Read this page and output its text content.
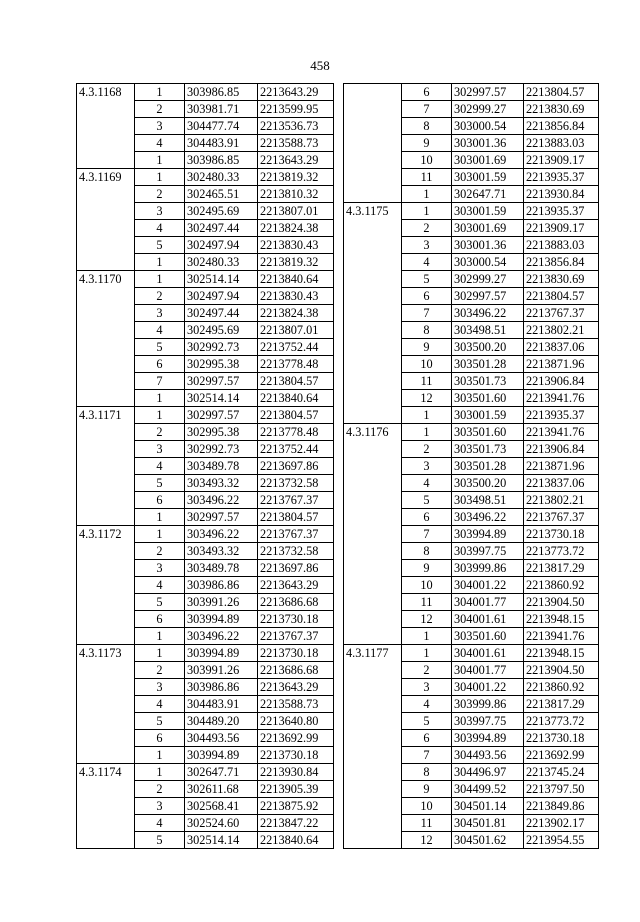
458
4.3.1168	1	303986.85	2213643.29
	2	303981.71	2213599.95
	3	304477.74	2213536.73
	4	304483.91	2213588.73
	1	303986.85	2213643.29
4.3.1169	1	302480.33	2213819.32
	2	302465.51	2213810.32
	3	302495.69	2213807.01
	4	302497.44	2213824.38
	5	302497.94	2213830.43
	1	302480.33	2213819.32
4.3.1170	1	302514.14	2213840.64
	2	302497.94	2213830.43
	3	302497.44	2213824.38
	4	302495.69	2213807.01
	5	302992.73	2213752.44
	6	302995.38	2213778.48
	7	302997.57	2213804.57
	1	302514.14	2213840.64
4.3.1171	1	302997.57	2213804.57
	2	302995.38	2213778.48
	3	302992.73	2213752.44
	4	303489.78	2213697.86
	5	303493.32	2213732.58
	6	303496.22	2213767.37
	1	302997.57	2213804.57
4.3.1172	1	303496.22	2213767.37
	2	303493.32	2213732.58
	3	303489.78	2213697.86
	4	303986.86	2213643.29
	5	303991.26	2213686.68
	6	303994.89	2213730.18
	1	303496.22	2213767.37
4.3.1173	1	303994.89	2213730.18
	2	303991.26	2213686.68
	3	303986.86	2213643.29
	4	304483.91	2213588.73
	5	304489.20	2213640.80
	6	304493.56	2213692.99
	1	303994.89	2213730.18
4.3.1174	1	302647.71	2213930.84
	2	302611.68	2213905.39
	3	302568.41	2213875.92
	4	302524.60	2213847.22
	5	302514.14	2213840.64
	6	302997.57	2213804.57
	7	302999.27	2213830.69
	8	303000.54	2213856.84
	9	303001.36	2213883.03
	10	303001.69	2213909.17
	11	303001.59	2213935.37
	1	302647.71	2213930.84
4.3.1175	1	303001.59	2213935.37
	2	303001.69	2213909.17
	3	303001.36	2213883.03
	4	303000.54	2213856.84
	5	302999.27	2213830.69
	6	302997.57	2213804.57
	7	303496.22	2213767.37
	8	303498.51	2213802.21
	9	303500.20	2213837.06
	10	303501.28	2213871.96
	11	303501.73	2213906.84
	12	303501.60	2213941.76
	1	303001.59	2213935.37
4.3.1176	1	303501.60	2213941.76
	2	303501.73	2213906.84
	3	303501.28	2213871.96
	4	303500.20	2213837.06
	5	303498.51	2213802.21
	6	303496.22	2213767.37
	7	303994.89	2213730.18
	8	303997.75	2213773.72
	9	303999.86	2213817.29
	10	304001.22	2213860.92
	11	304001.77	2213904.50
	12	304001.61	2213948.15
	1	303501.60	2213941.76
4.3.1177	1	304001.61	2213948.15
	2	304001.77	2213904.50
	3	304001.22	2213860.92
	4	303999.86	2213817.29
	5	303997.75	2213773.72
	6	303994.89	2213730.18
	7	304493.56	2213692.99
	8	304496.97	2213745.24
	9	304499.52	2213797.50
	10	304501.14	2213849.86
	11	304501.81	2213902.17
	12	304501.62	2213954.55
